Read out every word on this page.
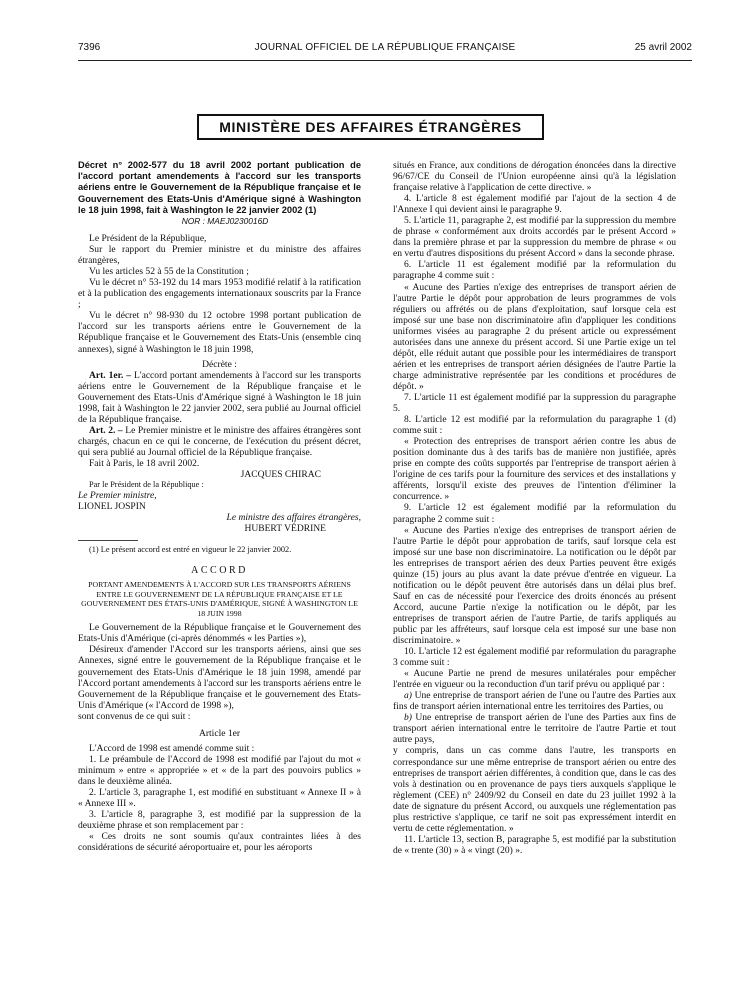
7396	JOURNAL OFFICIEL DE LA RÉPUBLIQUE FRANÇAISE	25 avril 2002
MINISTÈRE DES AFFAIRES ÉTRANGÈRES

Décret n° 2002-577 du 18 avril 2002 portant publication de l'accord portant amendements à l'accord sur les transports aériens entre le Gouvernement de la République française et le Gouvernement des Etats-Unis d'Amérique signé à Washington le 18 juin 1998, fait à Washington le 22 janvier 2002 (1)

NOR : MAEJ0230016D

Le Président de la République,

Sur le rapport du Premier ministre et du ministre des affaires étrangères,

Vu les articles 52 à 55 de la Constitution ;

Vu le décret n° 53-192 du 14 mars 1953 modifié relatif à la ratification et à la publication des engagements internationaux souscrits par la France ;

Vu le décret n° 98-930 du 12 octobre 1998 portant publication de l'accord sur les transports aériens entre le Gouvernement de la République française et le Gouvernement des Etats-Unis (ensemble cinq annexes), signé à Washington le 18 juin 1998,

Décrète :

Art. 1er. – L'accord portant amendements à l'accord sur les transports aériens entre le Gouvernement de la République française et le Gouvernement des Etats-Unis d'Amérique signé à Washington le 18 juin 1998, fait à Washington le 22 janvier 2002, sera publié au Journal officiel de la République française.

Art. 2. – Le Premier ministre et le ministre des affaires étrangères sont chargés, chacun en ce qui le concerne, de l'exécution du présent décret, qui sera publié au Journal officiel de la République française.

Fait à Paris, le 18 avril 2002.

JACQUES CHIRAC

Par le Président de la République :

Le Premier ministre,

LIONEL JOSPIN

Le ministre des affaires étrangères,

HUBERT VÉDRINE

(1) Le présent accord est entré en vigueur le 22 janvier 2002.

ACCORD

PORTANT AMENDEMENTS À L'ACCORD SUR LES TRANSPORTS AÉRIENS ENTRE LE GOUVERNEMENT DE LA RÉPUBLIQUE FRANÇAISE ET LE GOUVERNEMENT DES ÉTATS-UNIS D'AMÉRIQUE, SIGNÉ À WASHINGTON LE 18 JUIN 1998

Le Gouvernement de la République française et le Gouvernement des Etats-Unis d'Amérique (ci-après dénommés « les Parties »),

Désireux d'amender l'Accord sur les transports aériens, ainsi que ses Annexes, signé entre le gouvernement de la République française et le gouvernement des Etats-Unis d'Amérique le 18 juin 1998, amendé par l'Accord portant amendements à l'accord sur les transports aériens entre le Gouvernement de la République française et le gouvernement des Etats-Unis d'Amérique (« l'Accord de 1998 »),

sont convenus de ce qui suit :

Article 1er

L'Accord de 1998 est amendé comme suit :

1. Le préambule de l'Accord de 1998 est modifié par l'ajout du mot « minimum » entre « appropriée » et « de la part des pouvoirs publics » dans le deuxième alinéa.

2. L'article 3, paragraphe 1, est modifié en substituant « Annexe II » à « Annexe III ».

3. L'article 8, paragraphe 3, est modifié par la suppression de la deuxième phrase et son remplacement par :

« Ces droits ne sont soumis qu'aux contraintes liées à des considérations de sécurité aéroportuaire et, pour les aéroports

situés en France, aux conditions de dérogation énoncées dans la directive 96/67/CE du Conseil de l'Union européenne ainsi qu'à la législation française relative à l'application de cette directive. »

4. L'article 8 est également modifié par l'ajout de la section 4 de l'Annexe I qui devient ainsi le paragraphe 9.

5. L'article 11, paragraphe 2, est modifié par la suppression du membre de phrase « conformément aux droits accordés par le présent Accord » dans la première phrase et par la suppression du membre de phrase « ou en vertu d'autres dispositions du présent Accord » dans la seconde phrase.

6. L'article 11 est également modifié par la reformulation du paragraphe 4 comme suit :

« Aucune des Parties n'exige des entreprises de transport aérien de l'autre Partie le dépôt pour approbation de leurs programmes de vols réguliers ou affrétés ou de plans d'exploitation, sauf lorsque cela est imposé sur une base non discriminatoire afin d'appliquer les conditions uniformes visées au paragraphe 2 du présent article ou expressément autorisées dans une annexe du présent accord. Si une Partie exige un tel dépôt, elle réduit autant que possible pour les intermédiaires de transport aérien et les entreprises de transport aérien désignées de l'autre Partie la charge administrative représentée par les conditions et procédures de dépôt. »

7. L'article 11 est également modifié par la suppression du paragraphe 5.

8. L'article 12 est modifié par la reformulation du paragraphe 1 (d) comme suit :

« Protection des entreprises de transport aérien contre les abus de position dominante dus à des tarifs bas de manière non justifiée, après prise en compte des coûts supportés par l'entreprise de transport aérien à l'origine de ces tarifs pour la fourniture des services et des installations y afférents, lorsqu'il existe des preuves de l'intention d'éliminer la concurrence. »

9. L'article 12 est également modifié par la reformulation du paragraphe 2 comme suit :

« Aucune des Parties n'exige des entreprises de transport aérien de l'autre Partie le dépôt pour approbation de tarifs, sauf lorsque cela est imposé sur une base non discriminatoire. La notification ou le dépôt par les entreprises de transport aérien des deux Parties peuvent être exigés quinze (15) jours au plus avant la date prévue d'entrée en vigueur. La notification ou le dépôt peuvent être autorisés dans un délai plus bref. Sauf en cas de nécessité pour l'exercice des droits énoncés au présent Accord, aucune Partie n'exige la notification ou le dépôt, par les entreprises de transport aérien de l'autre Partie, de tarifs appliqués au public par les affréteurs, sauf lorsque cela est imposé sur une base non discriminatoire. »

10. L'article 12 est également modifié par reformulation du paragraphe 3 comme suit :

« Aucune Partie ne prend de mesures unilatérales pour empêcher l'entrée en vigueur ou la reconduction d'un tarif prévu ou appliqué par :

a) Une entreprise de transport aérien de l'une ou l'autre des Parties aux fins de transport aérien international entre les territoires des Parties, ou

b) Une entreprise de transport aérien de l'une des Parties aux fins de transport aérien international entre le territoire de l'autre Partie et tout autre pays,

y compris, dans un cas comme dans l'autre, les transports en correspondance sur une même entreprise de transport aérien ou entre des entreprises de transport aérien différentes, à condition que, dans le cas des vols à destination ou en provenance de pays tiers auxquels s'applique le règlement (CEE) n° 2409/92 du Conseil en date du 23 juillet 1992 à la date de signature du présent Accord, ou auxquels une réglementation pas plus restrictive s'applique, ce tarif ne soit pas expressément interdit en vertu de cette réglementation. »

11. L'article 13, section B, paragraphe 5, est modifié par la substitution de « trente (30) » à « vingt (20) ».
